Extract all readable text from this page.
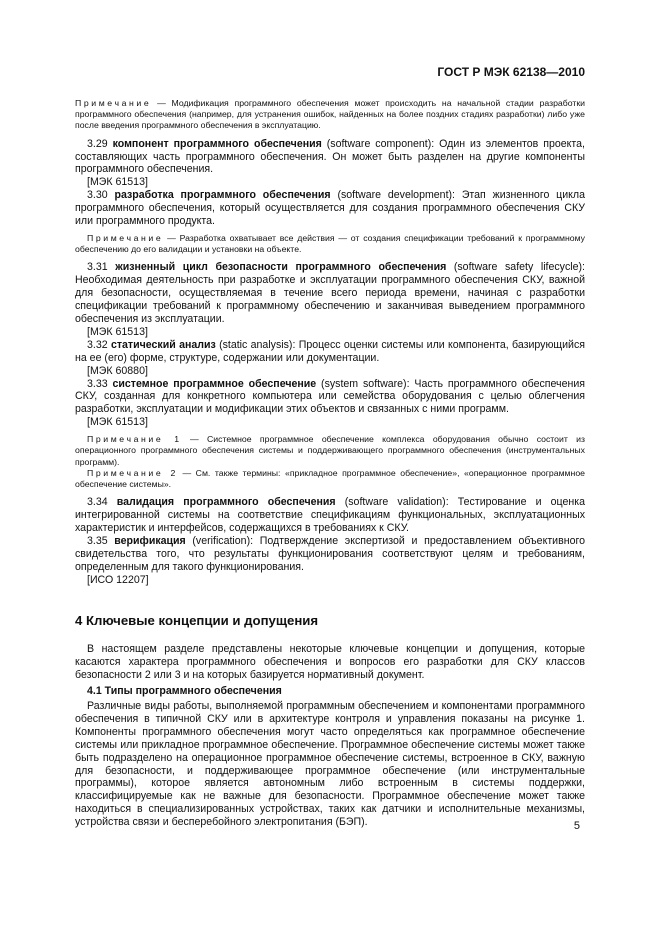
ГОСТ Р МЭК 62138—2010

Примечание — Модификация программного обеспечения может происходить на начальной стадии разработки программного обеспечения (например, для устранения ошибок, найденных на более поздних стадиях разработки) либо уже после введения программного обеспечения в эксплуатацию.

3.29 компонент программного обеспечения (software component): Один из элементов проекта, составляющих часть программного обеспечения. Он может быть разделен на другие компоненты программного обеспечения.

[МЭК 61513]

3.30 разработка программного обеспечения (software development): Этап жизненного цикла программного обеспечения, который осуществляется для создания программного обеспечения СКУ или программного продукта.

Примечание — Разработка охватывает все действия — от создания спецификации требований к программному обеспечению до его валидации и установки на объекте.

3.31 жизненный цикл безопасности программного обеспечения (software safety lifecycle): Необходимая деятельность при разработке и эксплуатации программного обеспечения СКУ, важной для безопасности, осуществляемая в течение всего периода времени, начиная с разработки спецификации требований к программному обеспечению и заканчивая выведением программного обеспечения из эксплуатации.

[МЭК 61513]

3.32 статический анализ (static analysis): Процесс оценки системы или компонента, базирующийся на ее (его) форме, структуре, содержании или документации.

[МЭК 60880]

3.33 системное программное обеспечение (system software): Часть программного обеспечения СКУ, созданная для конкретного компьютера или семейства оборудования с целью облегчения разработки, эксплуатации и модификации этих объектов и связанных с ними программ.

[МЭК 61513]

Примечание 1 — Системное программное обеспечение комплекса оборудования обычно состоит из операционного программного обеспечения системы и поддерживающего программного обеспечения (инструментальных программ).

Примечание 2 — См. также термины: «прикладное программное обеспечение», «операционное программное обеспечение системы».

3.34 валидация программного обеспечения (software validation): Тестирование и оценка интегрированной системы на соответствие спецификациям функциональных, эксплуатационных характеристик и интерфейсов, содержащихся в требованиях к СКУ.

3.35 верификация (verification): Подтверждение экспертизой и предоставлением объективного свидетельства того, что результаты функционирования соответствуют целям и требованиям, определенным для такого функционирования.

[ИСО 12207]

4 Ключевые концепции и допущения

В настоящем разделе представлены некоторые ключевые концепции и допущения, которые касаются характера программного обеспечения и вопросов его разработки для СКУ классов безопасности 2 или 3 и на которых базируется нормативный документ.

4.1 Типы программного обеспечения

Различные виды работы, выполняемой программным обеспечением и компонентами программного обеспечения в типичной СКУ или в архитектуре контроля и управления показаны на рисунке 1. Компоненты программного обеспечения могут часто определяться как программное обеспечение системы или прикладное программное обеспечение. Программное обеспечение системы может также быть подразделено на операционное программное обеспечение системы, встроенное в СКУ, важную для безопасности, и поддерживающее программное обеспечение (или инструментальные программы), которое является автономным либо встроенным в системы поддержки, классифицируемые как не важные для безопасности. Программное обеспечение может также находиться в специализированных устройствах, таких как датчики и исполнительные механизмы, устройства связи и бесперебойного электропитания (БЭП).	5
